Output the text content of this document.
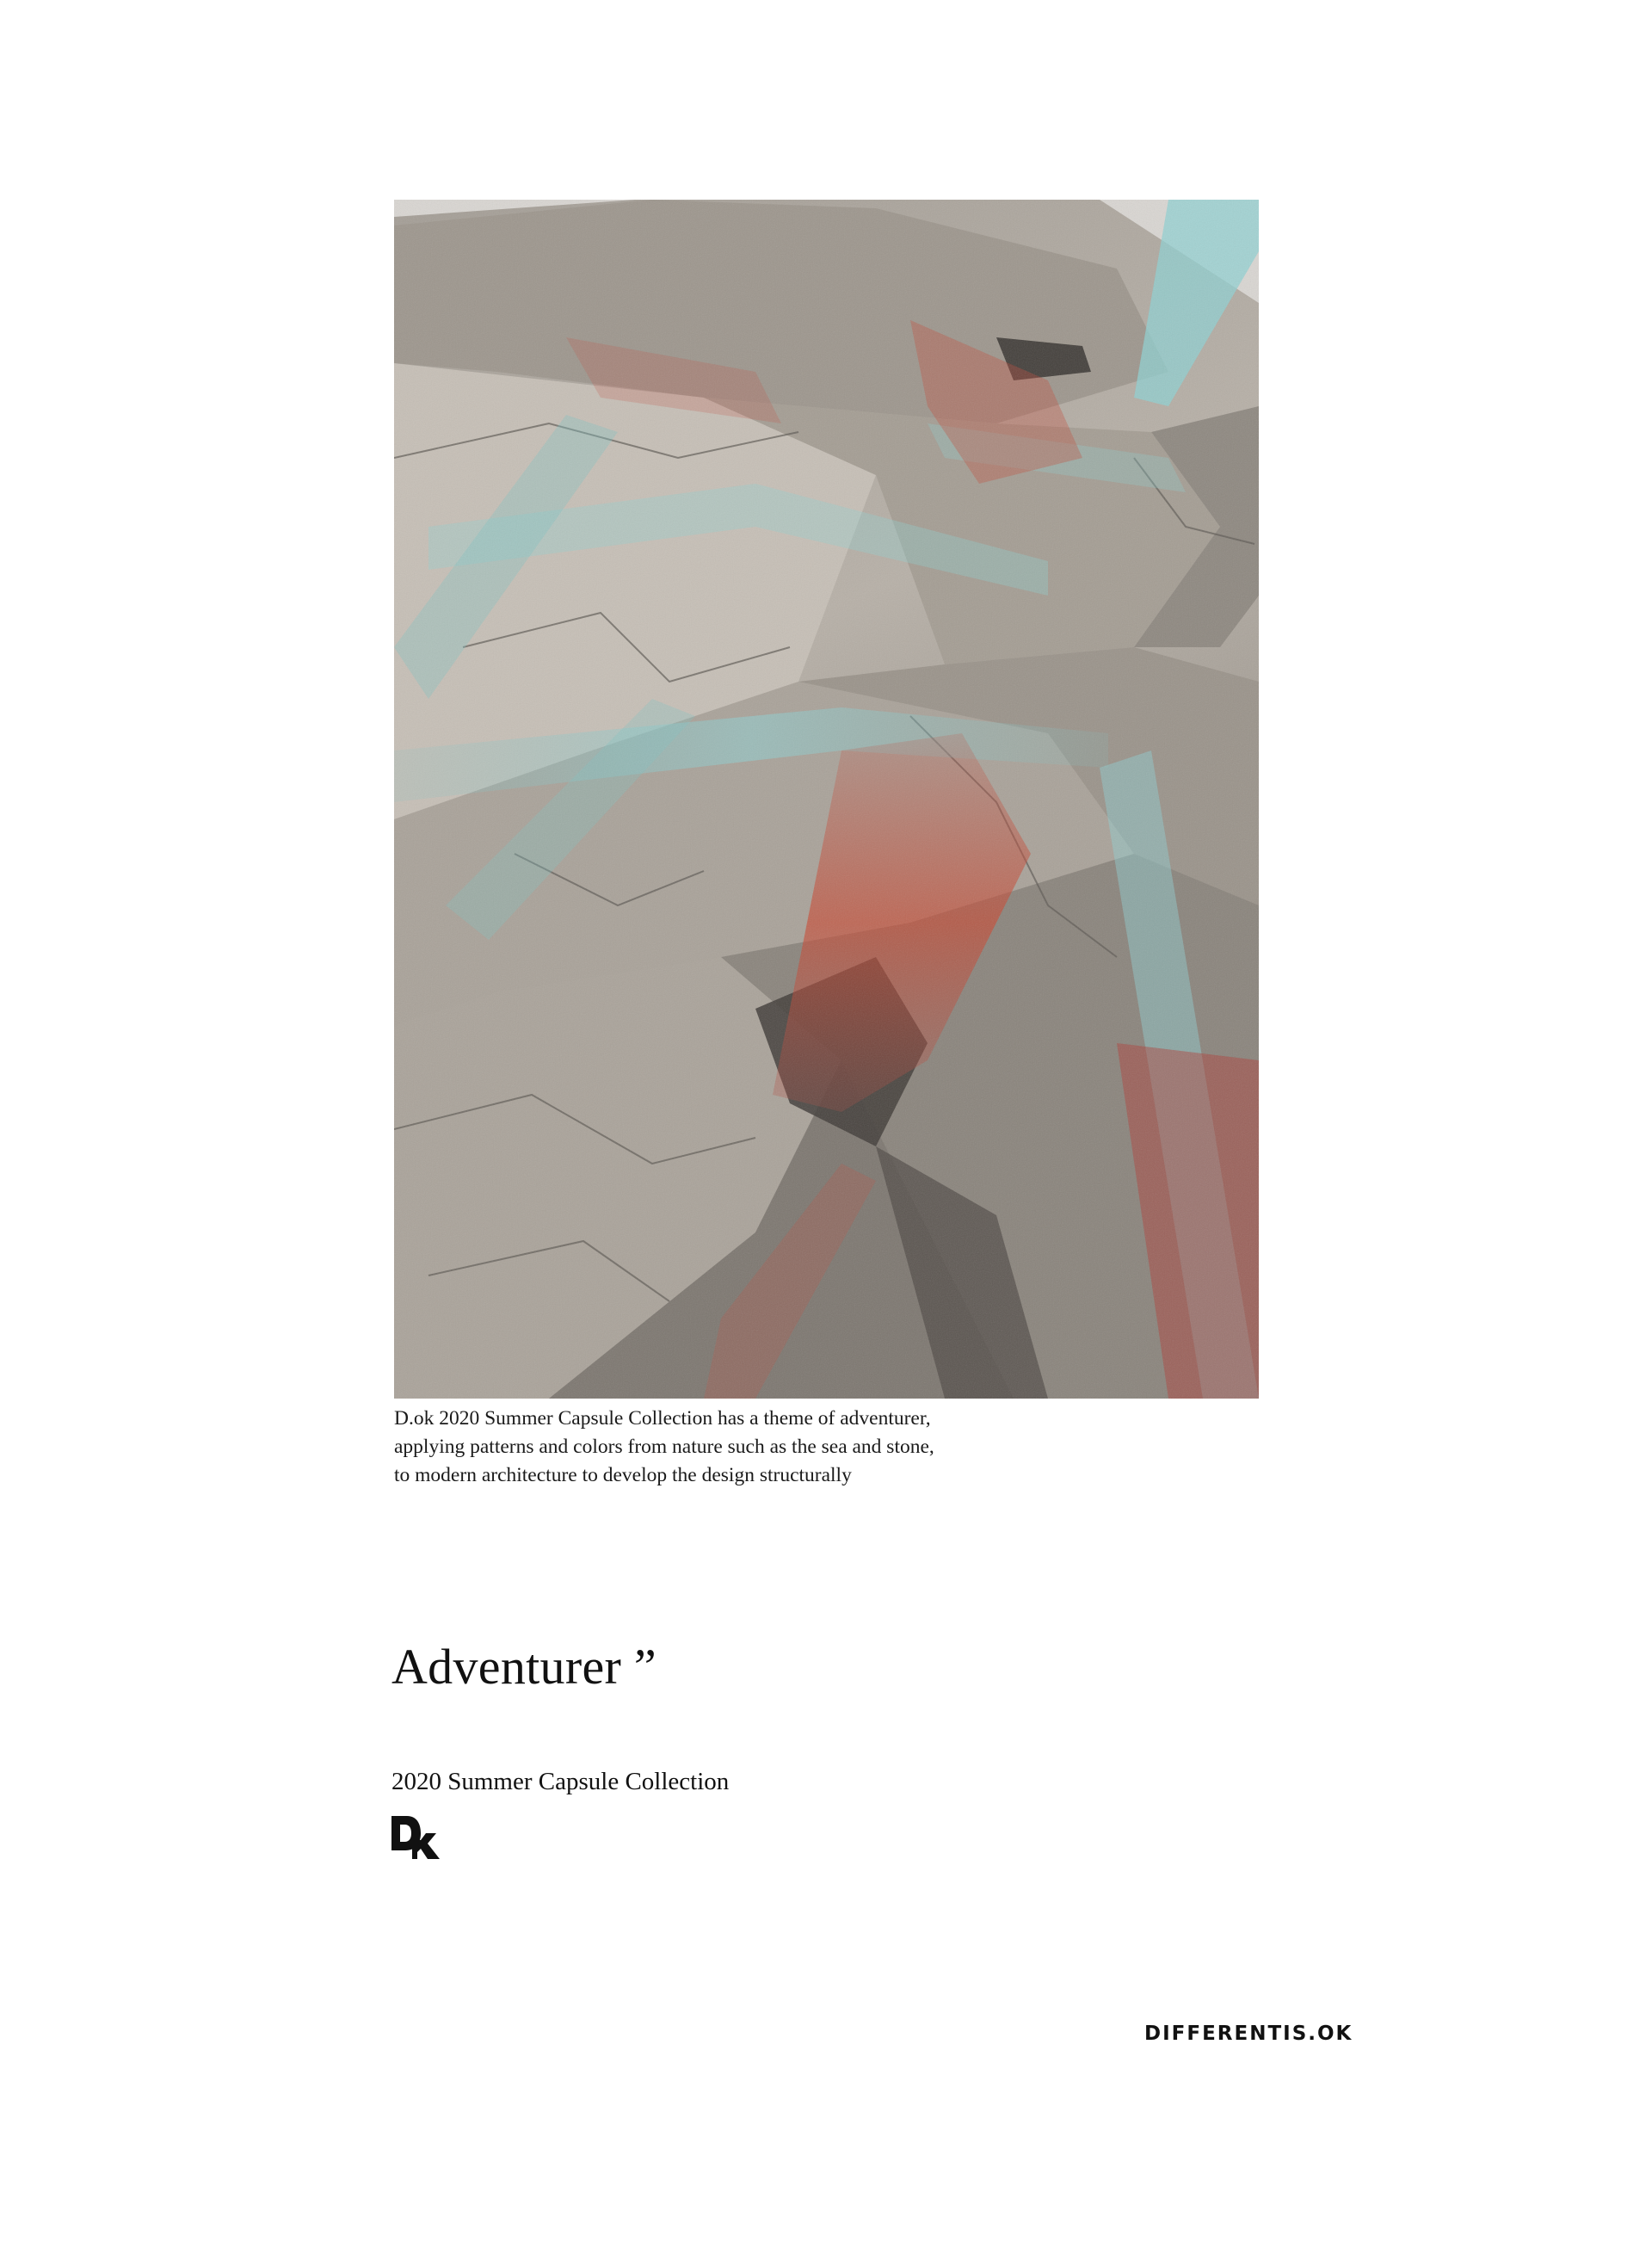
D.ok 2020 Summer Capsule Collection has a theme of adventurer,
applying patterns and colors from nature such as the sea and stone,
to modern architecture to develop the design structurally
Adventurer ”
2020 Summer Capsule Collection
DIFFERENTIS.OK
